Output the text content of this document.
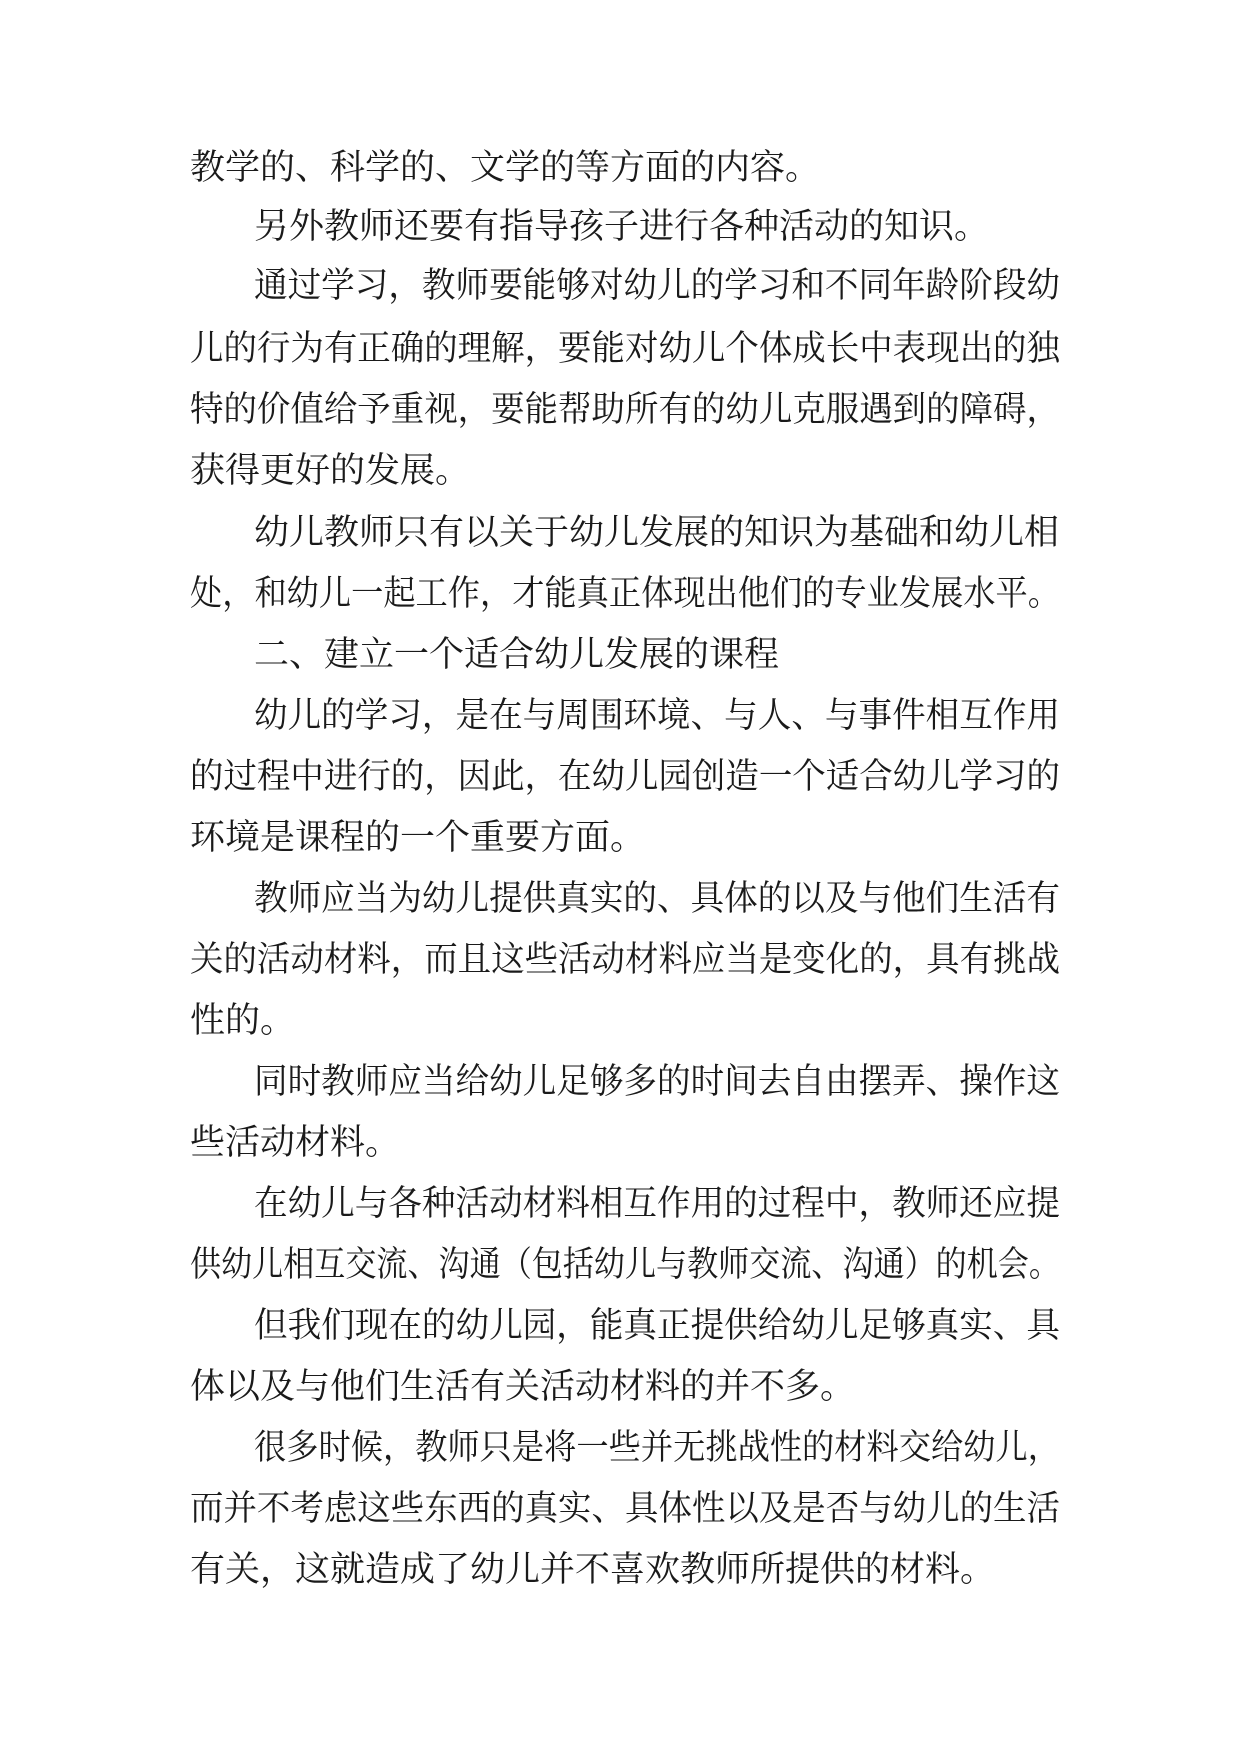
教学的、科学的、文学的等方面的内容。
另外教师还要有指导孩子进行各种活动的知识。
通过学习，教师要能够对幼儿的学习和不同年龄阶段幼
儿的行为有正确的理解，要能对幼儿个体成长中表现出的独
特的价值给予重视，要能帮助所有的幼儿克服遇到的障碍，
获得更好的发展。
幼儿教师只有以关于幼儿发展的知识为基础和幼儿相
处，和幼儿一起工作，才能真正体现出他们的专业发展水平。
二、建立一个适合幼儿发展的课程
幼儿的学习，是在与周围环境、与人、与事件相互作用
的过程中进行的，因此，在幼儿园创造一个适合幼儿学习的
环境是课程的一个重要方面。
教师应当为幼儿提供真实的、具体的以及与他们生活有
关的活动材料，而且这些活动材料应当是变化的，具有挑战
性的。
同时教师应当给幼儿足够多的时间去自由摆弄、操作这
些活动材料。
在幼儿与各种活动材料相互作用的过程中，教师还应提
供幼儿相互交流、沟通（包括幼儿与教师交流、沟通）的机会。
但我们现在的幼儿园，能真正提供给幼儿足够真实、具
体以及与他们生活有关活动材料的并不多。
很多时候，教师只是将一些并无挑战性的材料交给幼儿，
而并不考虑这些东西的真实、具体性以及是否与幼儿的生活
有关，这就造成了幼儿并不喜欢教师所提供的材料。
